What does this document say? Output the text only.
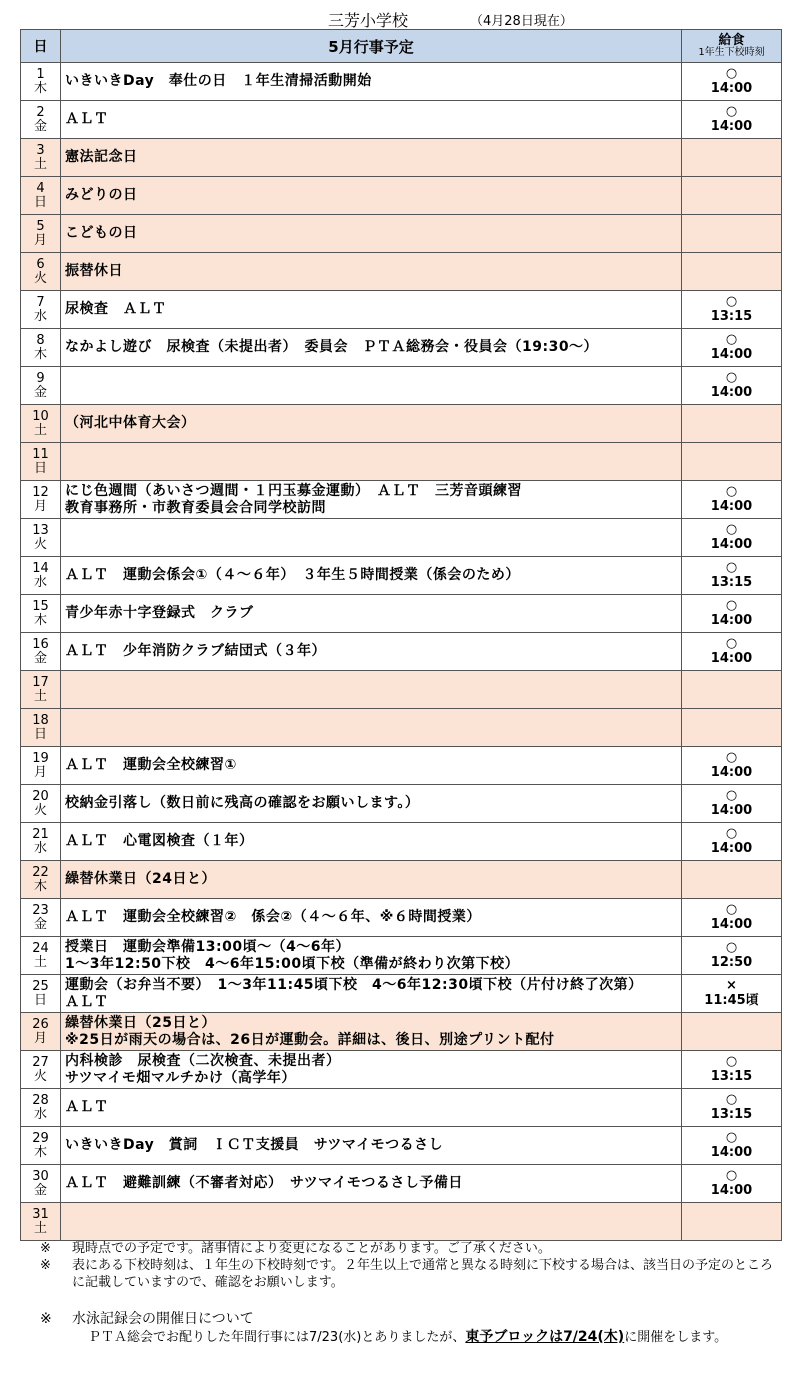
三芳小学校	（4月28日現在）
日	5月行事予定	給食
1年生下校時刻

1
木	いきいきDay　奉仕の日　１年生清掃活動開始	○
14:00

2
金	ＡＬＴ	○
14:00

3
土	憲法記念日	

4
日	みどりの日	

5
月	こどもの日	

6
火	振替休日	

7
水	尿検査　ＡＬＴ	○
13:15

8
木	なかよし遊び　尿検査（未提出者）　委員会　ＰＴＡ総務会・役員会（19:30～）	○
14:00

9
金		○
14:00

10
土	（河北中体育大会）	

11
日		

12
月	にじ色週間（あいさつ週間・１円玉募金運動）　ＡＬＴ　三芳音頭練習
教育事務所・市教育委員会合同学校訪問	○
14:00

13
火		○
14:00

14
水	ＡＬＴ　運動会係会①（４～６年）　３年生５時間授業（係会のため）	○
13:15

15
木	青少年赤十字登録式　クラブ	○
14:00

16
金	ＡＬＴ　少年消防クラブ結団式（３年）	○
14:00

17
土		

18
日		

19
月	ＡＬＴ　運動会全校練習①	○
14:00

20
火	校納金引落し（数日前に残高の確認をお願いします。）	○
14:00

21
水	ＡＬＴ　心電図検査（１年）	○
14:00

22
木	繰替休業日（24日と）	

23
金	ＡＬＴ　運動会全校練習②　係会②（４～６年、※６時間授業）	○
14:00

24
土	授業日　運動会準備13:00頃～（4～6年）
1～3年12:50下校　4～6年15:00頃下校（準備が終わり次第下校）	○
12:50

25
日	運動会（お弁当不要）　1～3年11:45頃下校　4～6年12:30頃下校（片付け終了次第）
ＡＬＴ	×
11:45頃

26
月	繰替休業日（25日と）
※25日が雨天の場合は、26日が運動会。詳細は、後日、別途プリント配付	

27
火	内科検診　尿検査（二次検査、未提出者）
サツマイモ畑マルチかけ（高学年）	○
13:15

28
水	ＡＬＴ	○
13:15

29
木	いきいきDay　賞詞　ＩＣＴ支援員　サツマイモつるさし	○
14:00

30
金	ＡＬＴ　避難訓練（不審者対応）　サツマイモつるさし予備日	○
14:00

31
土		

※ 現時点での予定です。諸事情により変更になることがあります。ご了承ください。
※ 表にある下校時刻は、１年生の下校時刻です。２年生以上で通常と異なる時刻に下校する場合は、該当日の予定のところに記載していますので、確認をお願いします。
※ 水泳記録会の開催日について
ＰＴＡ総会でお配りした年間行事には7/23(水)とありましたが、東予ブロックは7/24(木)に開催をします。
